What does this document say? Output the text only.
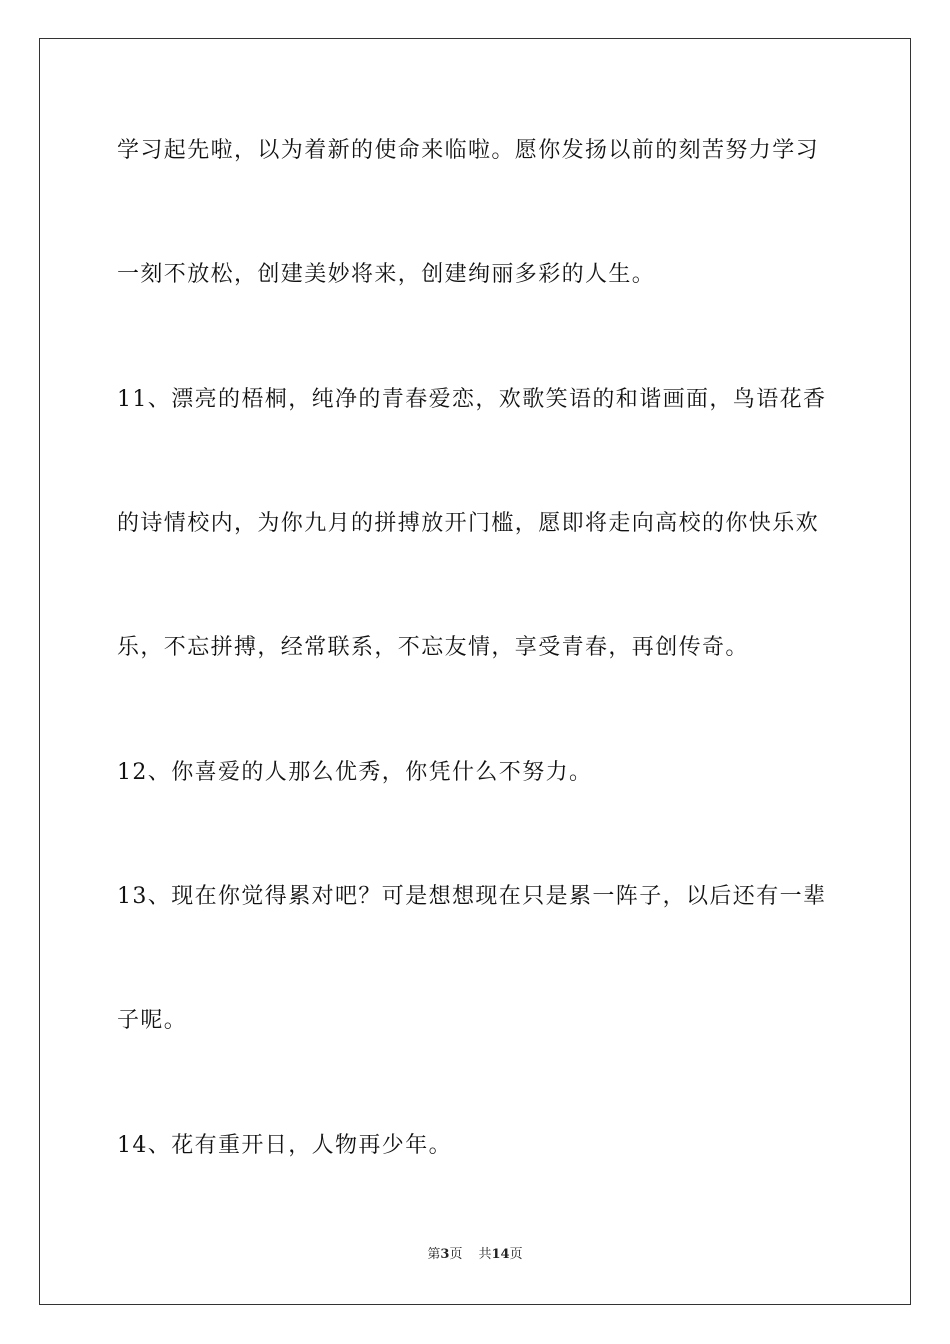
学习起先啦，以为着新的使命来临啦。愿你发扬以前的刻苦努力学习
一刻不放松，创建美妙将来，创建绚丽多彩的人生。
11、漂亮的梧桐，纯净的青春爱恋，欢歌笑语的和谐画面，鸟语花香
的诗情校内，为你九月的拼搏放开门槛，愿即将走向高校的你快乐欢
乐，不忘拼搏，经常联系，不忘友情，享受青春，再创传奇。
12、你喜爱的人那么优秀，你凭什么不努力。
13、现在你觉得累对吧？可是想想现在只是累一阵子，以后还有一辈
子呢。
14、花有重开日，人物再少年。
第3页 共14页
